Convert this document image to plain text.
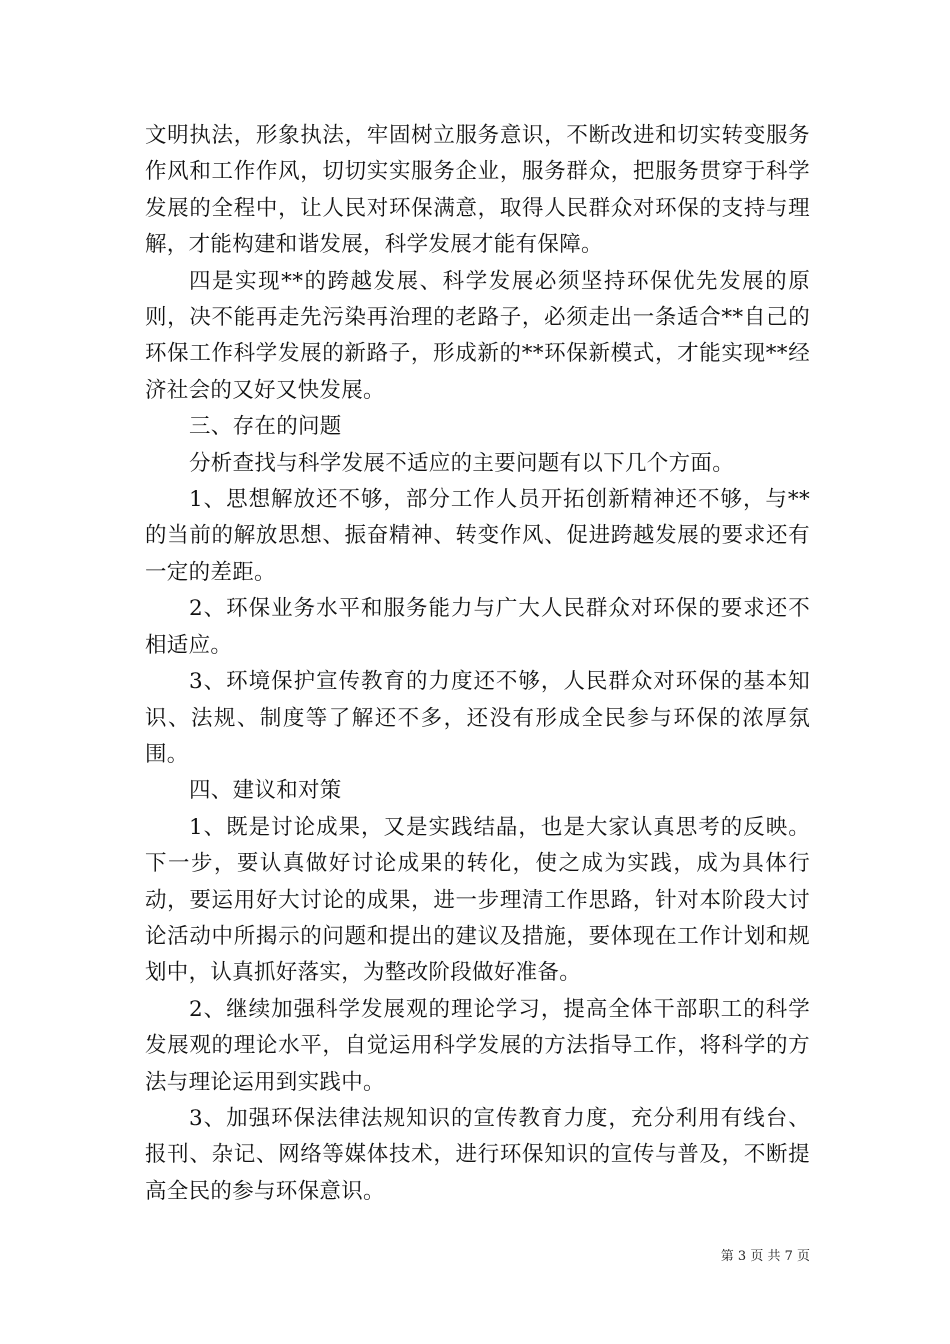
文明执法，形象执法，牢固树立服务意识，不断改进和切实转变服务作风和工作作风，切切实实服务企业，服务群众，把服务贯穿于科学发展的全程中，让人民对环保满意，取得人民群众对环保的支持与理解，才能构建和谐发展，科学发展才能有保障。

四是实现**的跨越发展、科学发展必须坚持环保优先发展的原则，决不能再走先污染再治理的老路子，必须走出一条适合**自己的环保工作科学发展的新路子，形成新的**环保新模式，才能实现**经济社会的又好又快发展。

三、存在的问题

分析查找与科学发展不适应的主要问题有以下几个方面。

1、思想解放还不够，部分工作人员开拓创新精神还不够，与**的当前的解放思想、振奋精神、转变作风、促进跨越发展的要求还有一定的差距。

2、环保业务水平和服务能力与广大人民群众对环保的要求还不相适应。

3、环境保护宣传教育的力度还不够，人民群众对环保的基本知识、法规、制度等了解还不多，还没有形成全民参与环保的浓厚氛围。

四、建议和对策

1、既是讨论成果，又是实践结晶，也是大家认真思考的反映。下一步，要认真做好讨论成果的转化，使之成为实践，成为具体行动，要运用好大讨论的成果，进一步理清工作思路，针对本阶段大讨论活动中所揭示的问题和提出的建议及措施，要体现在工作计划和规划中，认真抓好落实，为整改阶段做好准备。

2、继续加强科学发展观的理论学习，提高全体干部职工的科学发展观的理论水平，自觉运用科学发展的方法指导工作，将科学的方法与理论运用到实践中。

3、加强环保法律法规知识的宣传教育力度，充分利用有线台、报刊、杂记、网络等媒体技术，进行环保知识的宣传与普及，不断提高全民的参与环保意识。

第 3 页 共 7 页
